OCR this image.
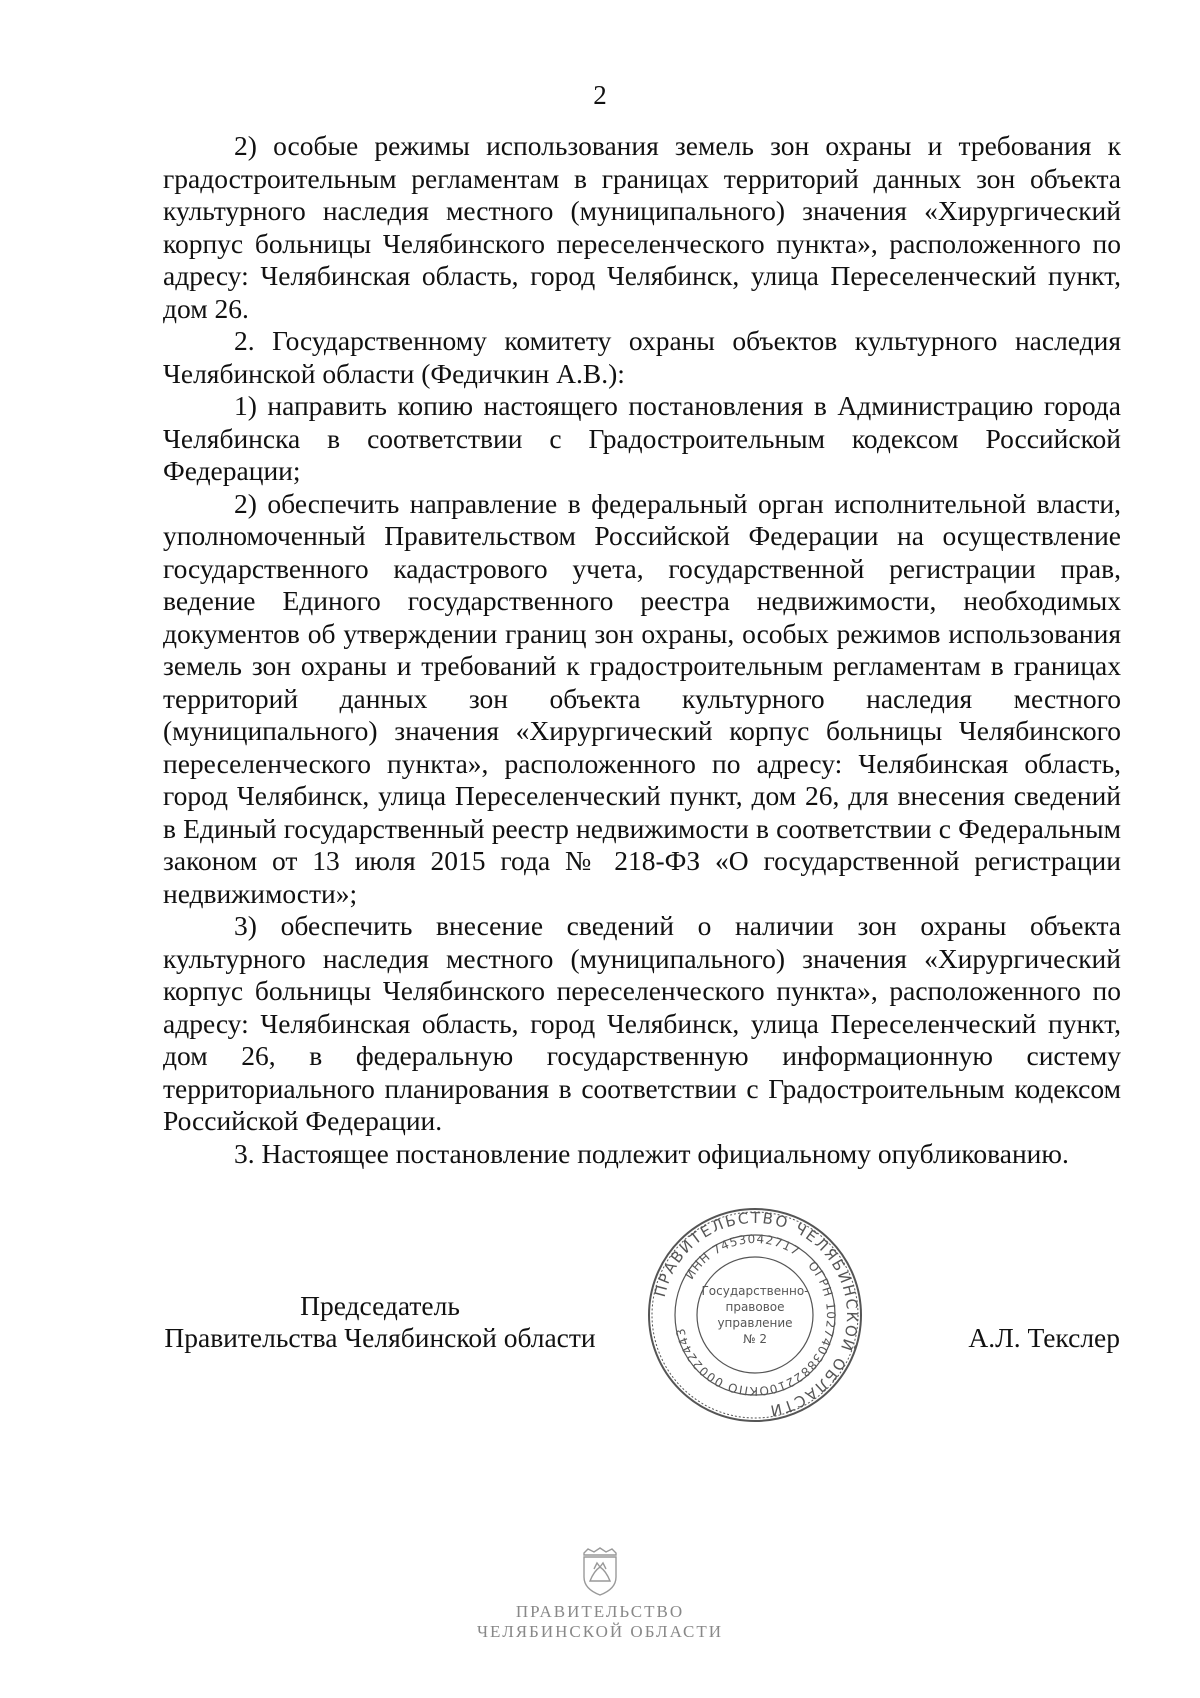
2

2) особые режимы использования земель зон охраны и требования к градостроительным регламентам в границах территорий данных зон объекта культурного наследия местного (муниципального) значения «Хирургический корпус больницы Челябинского переселенческого пункта», расположенного по адресу: Челябинская область, город Челябинск, улица Переселенческий пункт, дом 26.

2. Государственному комитету охраны объектов культурного наследия Челябинской области (Федичкин А.В.):

1) направить копию настоящего постановления в Администрацию города Челябинска в соответствии с Градостроительным кодексом Российской Федерации;

2) обеспечить направление в федеральный орган исполнительной власти, уполномоченный Правительством Российской Федерации на осуществление государственного кадастрового учета, государственной регистрации прав, ведение Единого государственного реестра недвижимости, необходимых документов об утверждении границ зон охраны, особых режимов использования земель зон охраны и требований к градостроительным регламентам в границах территорий данных зон объекта культурного наследия местного (муниципального) значения «Хирургический корпус больницы Челябинского переселенческого пункта», расположенного по адресу: Челябинская область, город Челябинск, улица Переселенческий пункт, дом 26, для внесения сведений в Единый государственный реестр недвижимости в соответствии с Федеральным законом от 13 июля 2015 года № 218-ФЗ «О государственной регистрации недвижимости»;

3) обеспечить внесение сведений о наличии зон охраны объекта культурного наследия местного (муниципального) значения «Хирургический корпус больницы Челябинского переселенческого пункта», расположенного по адресу: Челябинская область, город Челябинск, улица Переселенческий пункт, дом 26, в федеральную государственную информационную систему территориального планирования в соответствии с Градостроительным кодексом Российской Федерации.

3. Настоящее постановление подлежит официальному опубликованию.

Председатель
Правительства Челябинской области	А.Л. Текслер
ПРАВИТЕЛЬСТВО ЧЕЛЯБИНСКОЙ ОБЛАСТИ
ОГРН 1027403882210
ОКПО 00022443
ИНН 7453042717
Государственно-
правовое
управление
№ 2
ПРАВИТЕЛЬСТВО
ЧЕЛЯБИНСКОЙ ОБЛАСТИ
